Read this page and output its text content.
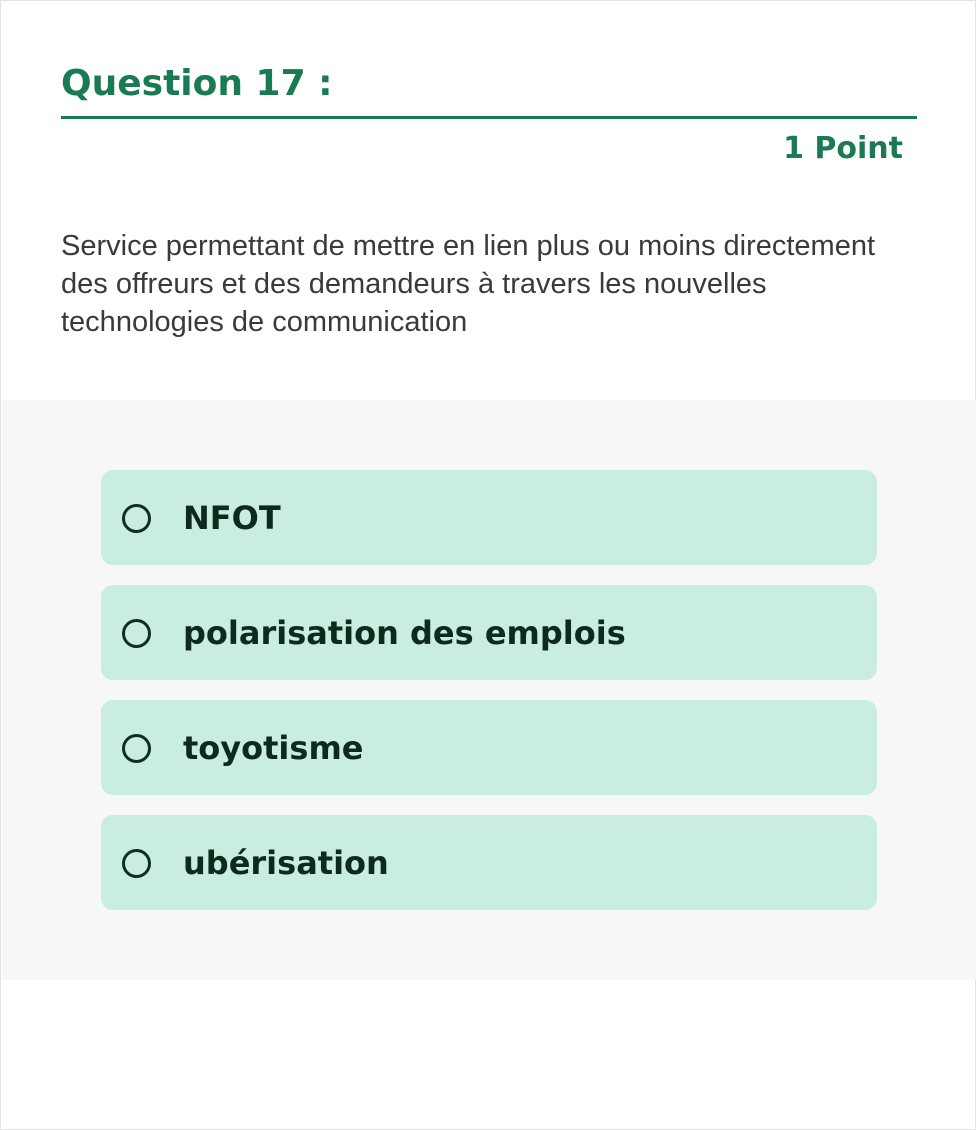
Question 17 :
1 Point

Service permettant de mettre en lien plus ou moins directement des offreurs et des demandeurs à travers les nouvelles technologies de communication

NFOT
polarisation des emplois
toyotisme
ubérisation
